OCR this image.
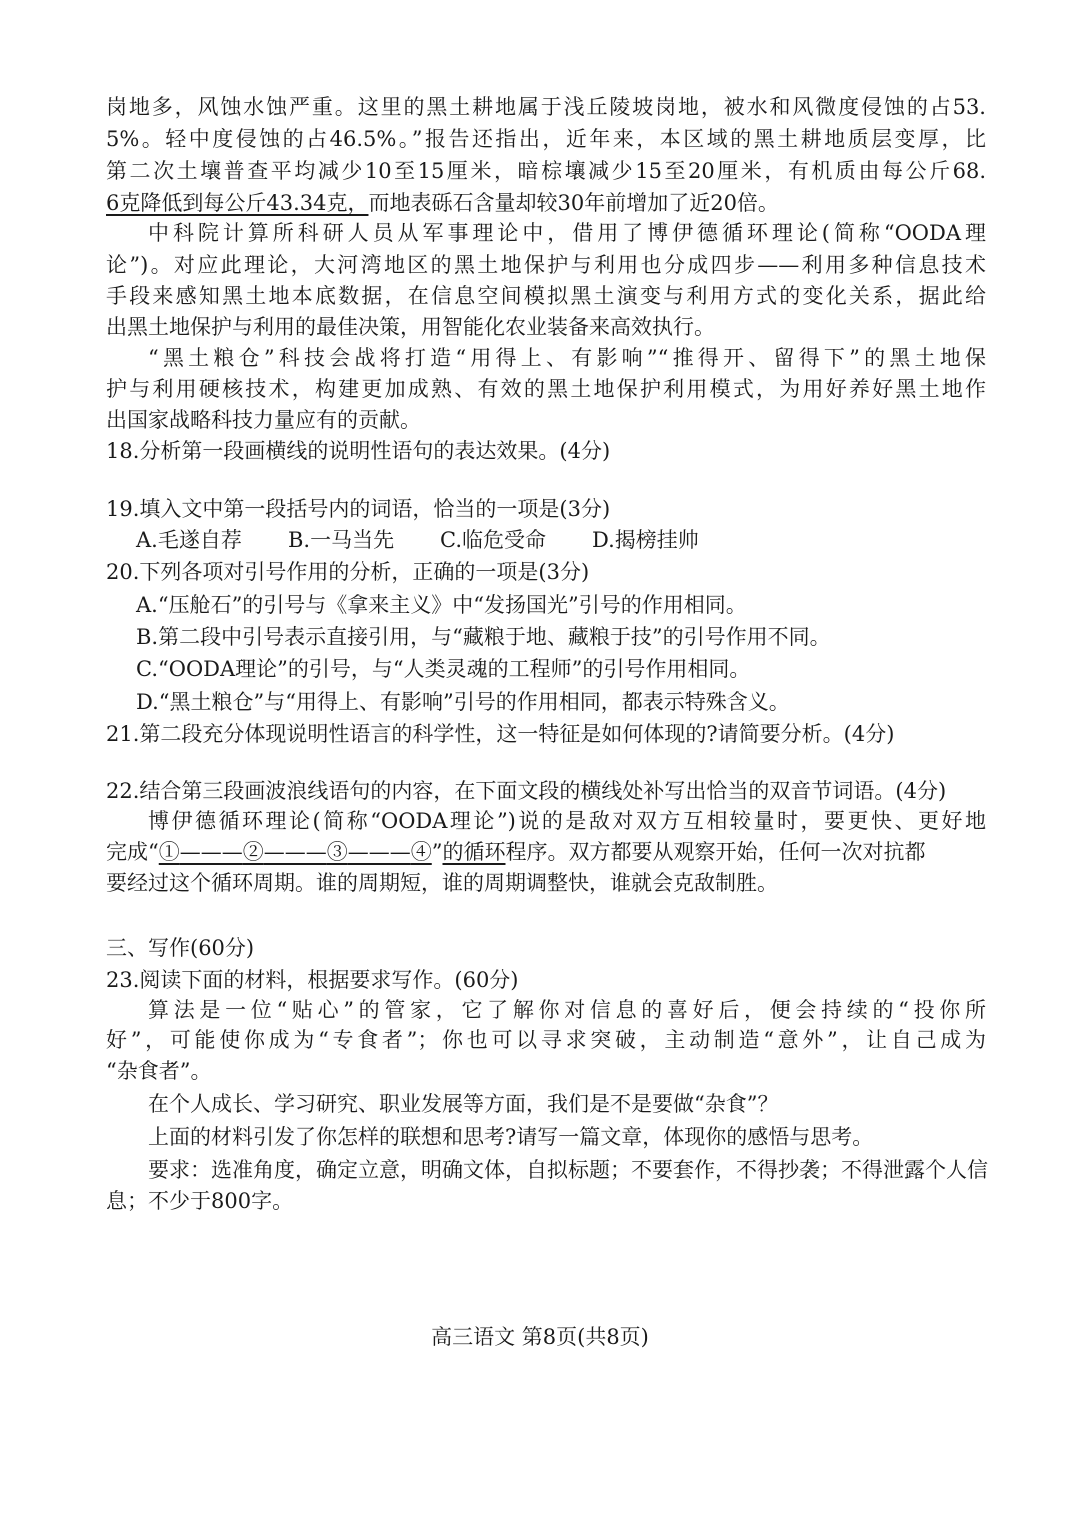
岗地多，风蚀水蚀严重。这里的黑土耕地属于浅丘陵坡岗地，被水和风微度侵蚀的占53.
5%。轻中度侵蚀的占46.5%。”报告还指出，近年来，本区域的黑土耕地质层变厚，比
第二次土壤普查平均减少10至15厘米，暗棕壤减少15至20厘米，有机质由每公斤68.
6克降低到每公斤43.34克，而地表砾石含量却较30年前增加了近20倍。
中科院计算所科研人员从军事理论中，借用了博伊德循环理论(简称“OODA理
论”)。对应此理论，大河湾地区的黑土地保护与利用也分成四步——利用多种信息技术
手段来感知黑土地本底数据，在信息空间模拟黑土演变与利用方式的变化关系，据此给
出黑土地保护与利用的最佳决策，用智能化农业装备来高效执行。
“黑土粮仓”科技会战将打造“用得上、有影响”“推得开、留得下”的黑土地保
护与利用硬核技术，构建更加成熟、有效的黑土地保护利用模式，为用好养好黑土地作
出国家战略科技力量应有的贡献。
18.分析第一段画横线的说明性语句的表达效果。(4分)
19.填入文中第一段括号内的词语，恰当的一项是(3分)
A.毛遂自荐 B.一马当先 C.临危受命 D.揭榜挂帅
20.下列各项对引号作用的分析，正确的一项是(3分)
A.“压舱石”的引号与《拿来主义》中“发扬国光”引号的作用相同。
B.第二段中引号表示直接引用，与“藏粮于地、藏粮于技”的引号作用不同。
C.“OODA理论”的引号，与“人类灵魂的工程师”的引号作用相同。
D.“黑土粮仓”与“用得上、有影响”引号的作用相同，都表示特殊含义。
21.第二段充分体现说明性语言的科学性，这一特征是如何体现的?请简要分析。(4分)
22.结合第三段画波浪线语句的内容，在下面文段的横线处补写出恰当的双音节词语。(4分)
博伊德循环理论(简称“OODA理论”)说的是敌对双方互相较量时，要更快、更好地
完成“①———②———③———④”的循环程序。双方都要从观察开始，任何一次对抗都
要经过这个循环周期。谁的周期短，谁的周期调整快，谁就会克敌制胜。
三、写作(60分)
23.阅读下面的材料，根据要求写作。(60分)
算法是一位“贴心”的管家，它了解你对信息的喜好后，便会持续的“投你所
好”，可能使你成为“专食者”；你也可以寻求突破，主动制造“意外”，让自己成为
“杂食者”。
在个人成长、学习研究、职业发展等方面，我们是不是要做“杂食”？
上面的材料引发了你怎样的联想和思考?请写一篇文章，体现你的感悟与思考。
要求：选准角度，确定立意，明确文体，自拟标题；不要套作，不得抄袭；不得泄露个人信
息；不少于800字。
高三语文 第8页(共8页)
